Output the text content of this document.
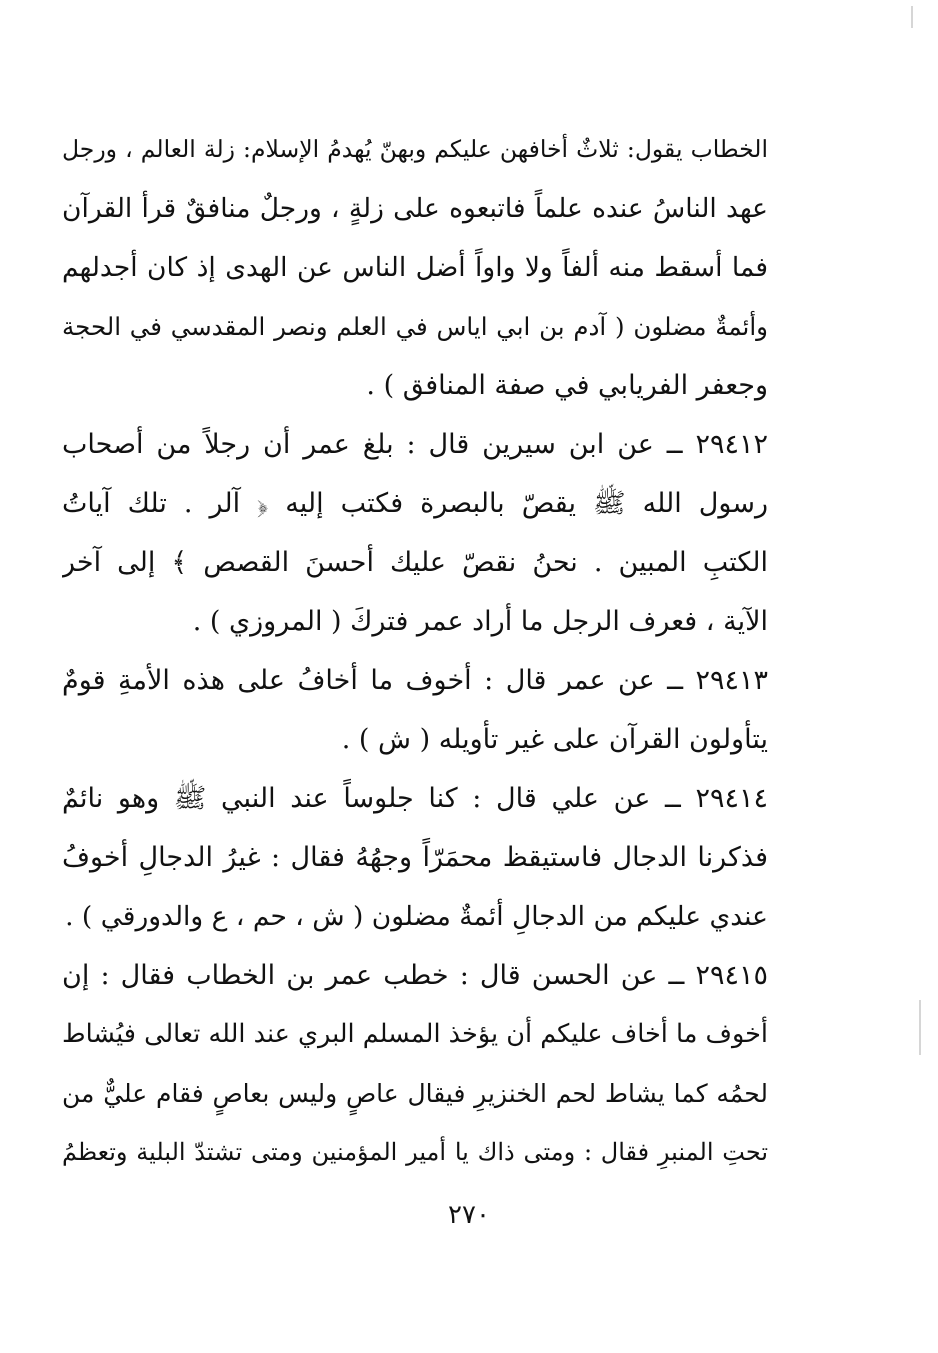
الخطاب يقول: ثلاثٌ أخافهن عليكم وبهنّ يُهدمُ الإسلام: زلة العالم ، ورجل
عهد الناسُ عنده علماً فاتبعوه على زلةٍ ، ورجلٌ منافقٌ قرأ القرآن
فما أسقط منه ألفاً ولا واواً أضل الناس عن الهدى إذ كان أجدلهم
وأئمةٌ مضلون ( آدم بن ابي اياس في العلم ونصر المقدسي في الحجة
وجعفر الفريابي في صفة المنافق ) .
٢٩٤١٢ ــ عن ابن سيرين قال : بلغ عمر أن رجلاً من أصحاب
رسول الله ﷺ يقصّ بالبصرة فكتب إليه ﴿ آلر . تلك آياتُ
الكتبِ المبين . نحنُ نقصّ عليك أحسنَ القصص ﴾ إلى آخر
الآية ، فعرف الرجل ما أراد عمر فتركَ ( المروزي ) .
٢٩٤١٣ ــ عن عمر قال : أخوف ما أخافُ على هذه الأمةِ قومٌ
يتأولون القرآن على غير تأويله ( ش ) .
٢٩٤١٤ ــ عن علي قال : كنا جلوساً عند النبي ﷺ وهو نائمٌ
فذكرنا الدجال فاستيقظ محمَرّاً وجهُهُ فقال : غيرُ الدجالِ أخوفُ
عندي عليكم من الدجالِ أئمةٌ مضلون ( ش ، حم ، ع والدورقي ) .
٢٩٤١٥ ــ عن الحسن قال : خطب عمر بن الخطاب فقال : إن
أخوف ما أخاف عليكم أن يؤخذ المسلم البري عند الله تعالى فيُشاط
لحمُه كما يشاط لحم الخنزيرِ فيقال عاصٍ وليس بعاصٍ فقام عليٌّ من
تحتِ المنبرِ فقال : ومتى ذاك يا أمير المؤمنين ومتى تشتدّ البلية وتعظمُ
٢٧٠
